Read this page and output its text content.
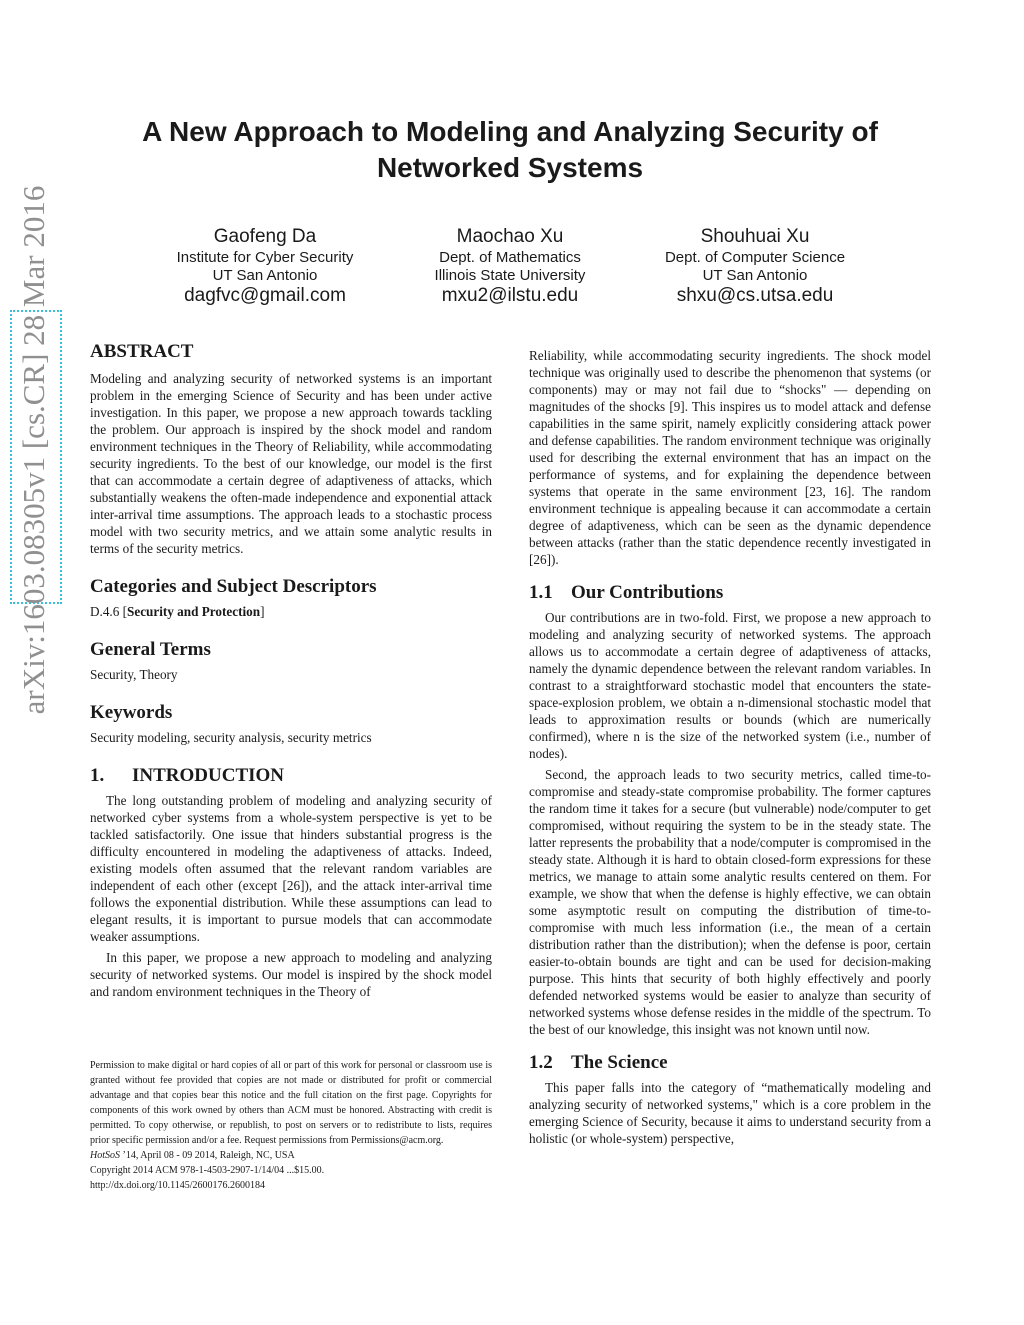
arXiv:1603.08305v1 [cs.CR] 28 Mar 2016
A New Approach to Modeling and Analyzing Security of Networked Systems
Gaofeng Da
Institute for Cyber Security
UT San Antonio
dagfvc@gmail.com
Maochao Xu
Dept. of Mathematics
Illinois State University
mxu2@ilstu.edu
Shouhuai Xu
Dept. of Computer Science
UT San Antonio
shxu@cs.utsa.edu
ABSTRACT

Modeling and analyzing security of networked systems is an important problem in the emerging Science of Security and has been under active investigation. In this paper, we propose a new approach towards tackling the problem. Our approach is inspired by the shock model and random environment techniques in the Theory of Reliability, while accommodating security ingredients. To the best of our knowledge, our model is the first that can accommodate a certain degree of adaptiveness of attacks, which substantially weakens the often-made independence and exponential attack inter-arrival time assumptions. The approach leads to a stochastic process model with two security metrics, and we attain some analytic results in terms of the security metrics.

Categories and Subject Descriptors

D.4.6 [Security and Protection]

General Terms

Security, Theory

Keywords

Security modeling, security analysis, security metrics

1. INTRODUCTION

The long outstanding problem of modeling and analyzing security of networked cyber systems from a whole-system perspective is yet to be tackled satisfactorily. One issue that hinders substantial progress is the difficulty encountered in modeling the adaptiveness of attacks. Indeed, existing models often assumed that the relevant random variables are independent of each other (except [26]), and the attack inter-arrival time follows the exponential distribution. While these assumptions can lead to elegant results, it is important to pursue models that can accommodate weaker assumptions.

In this paper, we propose a new approach to modeling and analyzing security of networked systems. Our model is inspired by the shock model and random environment techniques in the Theory of

Permission to make digital or hard copies of all or part of this work for personal or classroom use is granted without fee provided that copies are not made or distributed for profit or commercial advantage and that copies bear this notice and the full citation on the first page. Copyrights for components of this work owned by others than ACM must be honored. Abstracting with credit is permitted. To copy otherwise, or republish, to post on servers or to redistribute to lists, requires prior specific permission and/or a fee. Request permissions from Permissions@acm.org.

HotSoS ’14, April 08 - 09 2014, Raleigh, NC, USA

Copyright 2014 ACM 978-1-4503-2907-1/14/04 ...$15.00.

http://dx.doi.org/10.1145/2600176.2600184

Reliability, while accommodating security ingredients. The shock model technique was originally used to describe the phenomenon that systems (or components) may or may not fail due to “shocks" — depending on magnitudes of the shocks [9]. This inspires us to model attack and defense capabilities in the same spirit, namely explicitly considering attack power and defense capabilities. The random environment technique was originally used for describing the external environment that has an impact on the performance of systems, and for explaining the dependence between systems that operate in the same environment [23, 16]. The random environment technique is appealing because it can accommodate a certain degree of adaptiveness, which can be seen as the dynamic dependence between attacks (rather than the static dependence recently investigated in [26]).

1.1 Our Contributions

Our contributions are in two-fold. First, we propose a new approach to modeling and analyzing security of networked systems. The approach allows us to accommodate a certain degree of adaptiveness of attacks, namely the dynamic dependence between the relevant random variables. In contrast to a straightforward stochastic model that encounters the state-space-explosion problem, we obtain a n-dimensional stochastic model that leads to approximation results or bounds (which are numerically confirmed), where n is the size of the networked system (i.e., number of nodes).

Second, the approach leads to two security metrics, called time-to-compromise and steady-state compromise probability. The former captures the random time it takes for a secure (but vulnerable) node/computer to get compromised, without requiring the system to be in the steady state. The latter represents the probability that a node/computer is compromised in the steady state. Although it is hard to obtain closed-form expressions for these metrics, we manage to attain some analytic results centered on them. For example, we show that when the defense is highly effective, we can obtain some asymptotic result on computing the distribution of time-to-compromise with much less information (i.e., the mean of a certain distribution rather than the distribution); when the defense is poor, certain easier-to-obtain bounds are tight and can be used for decision-making purpose. This hints that security of both highly effectively and poorly defended networked systems would be easier to analyze than security of networked systems whose defense resides in the middle of the spectrum. To the best of our knowledge, this insight was not known until now.

1.2 The Science

This paper falls into the category of “mathematically modeling and analyzing security of networked systems," which is a core problem in the emerging Science of Security, because it aims to understand security from a holistic (or whole-system) perspective,
